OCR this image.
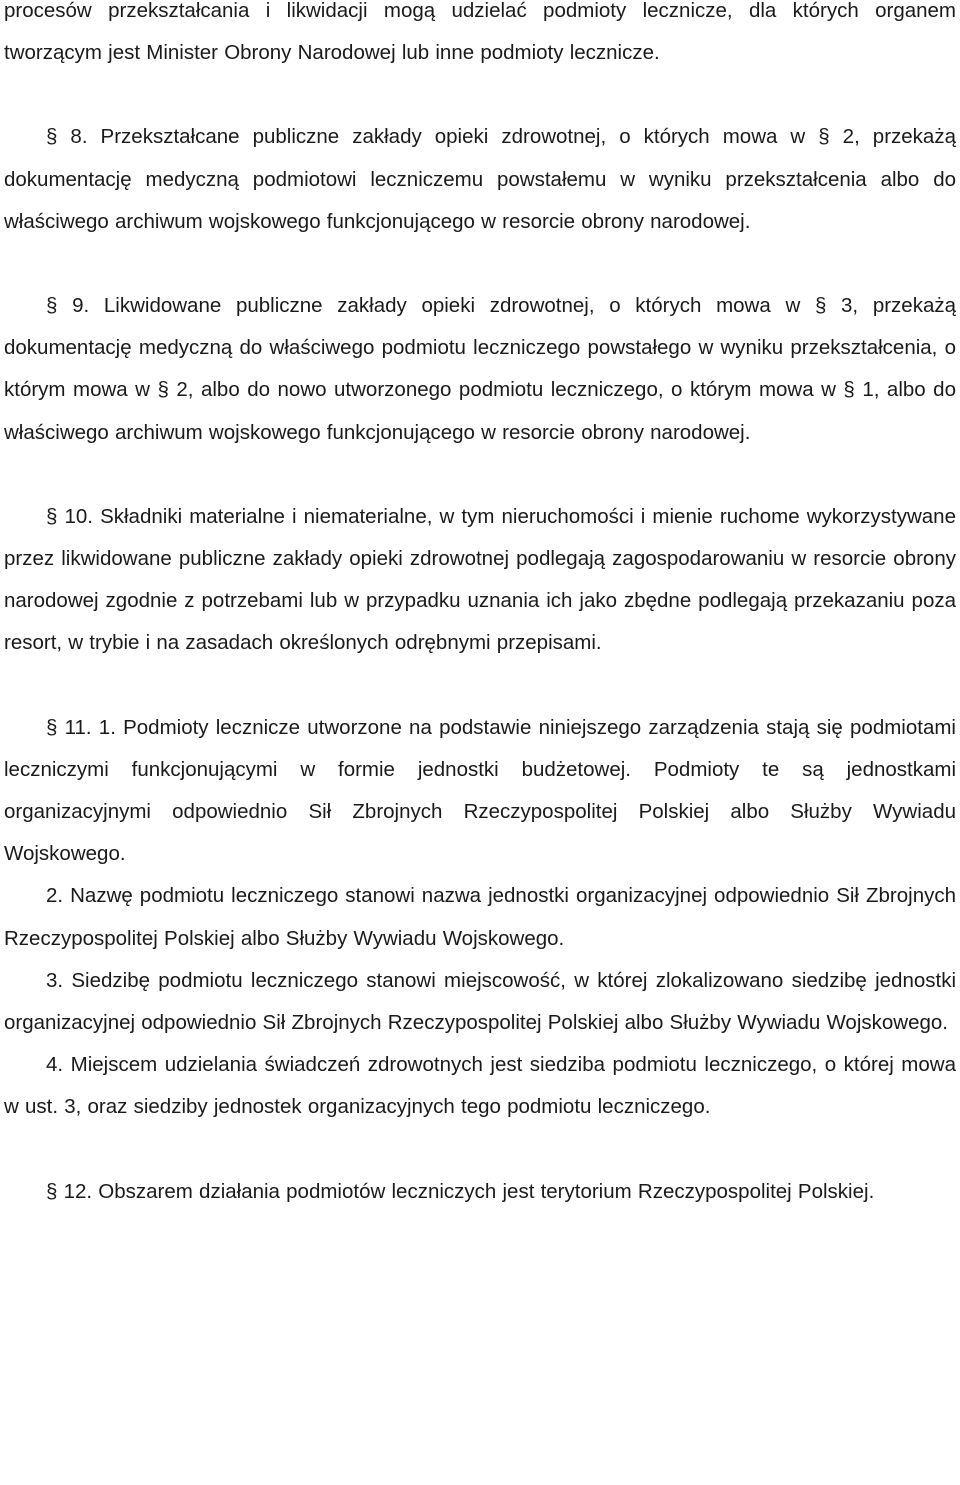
procesów przekształcania i likwidacji mogą udzielać podmioty lecznicze, dla których organem tworzącym jest Minister Obrony Narodowej lub inne podmioty lecznicze.

§ 8. Przekształcane publiczne zakłady opieki zdrowotnej, o których mowa w § 2, przekażą dokumentację medyczną podmiotowi leczniczemu powstałemu w wyniku przekształcenia albo do właściwego archiwum wojskowego funkcjonującego w resorcie obrony narodowej.

§ 9. Likwidowane publiczne zakłady opieki zdrowotnej, o których mowa w § 3, przekażą dokumentację medyczną do właściwego podmiotu leczniczego powstałego w wyniku przekształcenia, o którym mowa w § 2, albo do nowo utworzonego podmiotu leczniczego, o którym mowa w § 1, albo do właściwego archiwum wojskowego funkcjonującego w resorcie obrony narodowej.

§ 10. Składniki materialne i niematerialne, w tym nieruchomości i mienie ruchome wykorzystywane przez likwidowane publiczne zakłady opieki zdrowotnej podlegają zagospodarowaniu w resorcie obrony narodowej zgodnie z potrzebami lub w przypadku uznania ich jako zbędne podlegają przekazaniu poza resort, w trybie i na zasadach określonych odrębnymi przepisami.

§ 11. 1. Podmioty lecznicze utworzone na podstawie niniejszego zarządzenia stają się podmiotami leczniczymi funkcjonującymi w formie jednostki budżetowej. Podmioty te są jednostkami organizacyjnymi odpowiednio Sił Zbrojnych Rzeczypospolitej Polskiej albo Służby Wywiadu Wojskowego.

2. Nazwę podmiotu leczniczego stanowi nazwa jednostki organizacyjnej odpowiednio Sił Zbrojnych Rzeczypospolitej Polskiej albo Służby Wywiadu Wojskowego.

3. Siedzibę podmiotu leczniczego stanowi miejscowość, w której zlokalizowano siedzibę jednostki organizacyjnej odpowiednio Sił Zbrojnych Rzeczypospolitej Polskiej albo Służby Wywiadu Wojskowego.

4. Miejscem udzielania świadczeń zdrowotnych jest siedziba podmiotu leczniczego, o której mowa w ust. 3, oraz siedziby jednostek organizacyjnych tego podmiotu leczniczego.

§ 12. Obszarem działania podmiotów leczniczych jest terytorium Rzeczypospolitej Polskiej.
